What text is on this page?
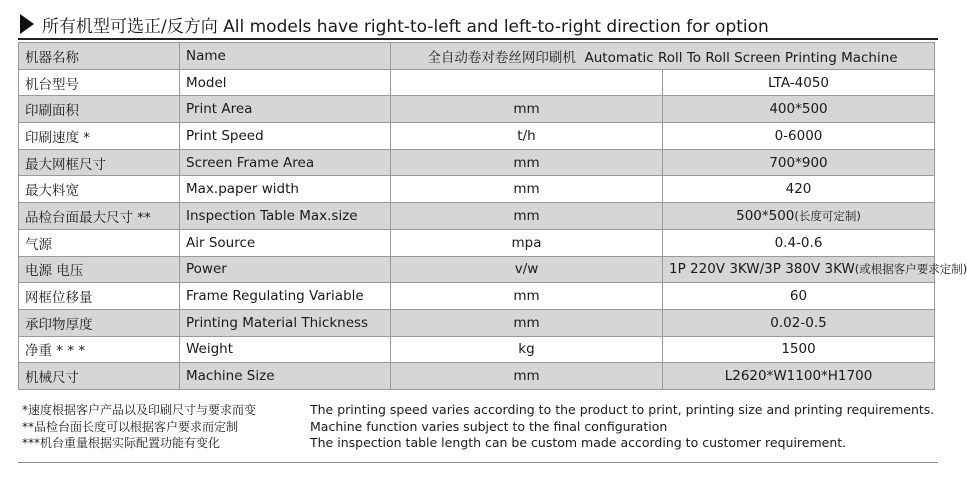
所有机型可选正/反方向 All models have right-to-left and left-to-right direction for option
机器名称	Name	全自动卷对卷丝网印刷机 Automatic Roll To Roll Screen Printing Machine	
机台型号	Model		LTA-4050
印刷面积	Print Area	mm	400*500
印刷速度 *	Print Speed	t/h	0-6000
最大网框尺寸	Screen Frame Area	mm	700*900
最大料宽	Max.paper width	mm	420
品检台面最大尺寸 **	Inspection Table Max.size	mm	500*500(长度可定制)
气源	Air Source	mpa	0.4-0.6
电源 电压	Power	v/w	1P 220V 3KW/3P 380V 3KW(或根据客户要求定制)
网框位移量	Frame Regulating Variable	mm	60
承印物厚度	Printing Material Thickness	mm	0.02-0.5
净重 * * *	Weight	kg	1500
机械尺寸	Machine Size	mm	L2620*W1100*H1700
*速度根据客户产品以及印刷尺寸与要求而变
**品检台面长度可以根据客户要求而定制
***机台重量根据实际配置功能有变化
The printing speed varies according to the product to print, printing size and printing requirements.
Machine function varies subject to the final configuration
The inspection table length can be custom made according to customer requirement.
